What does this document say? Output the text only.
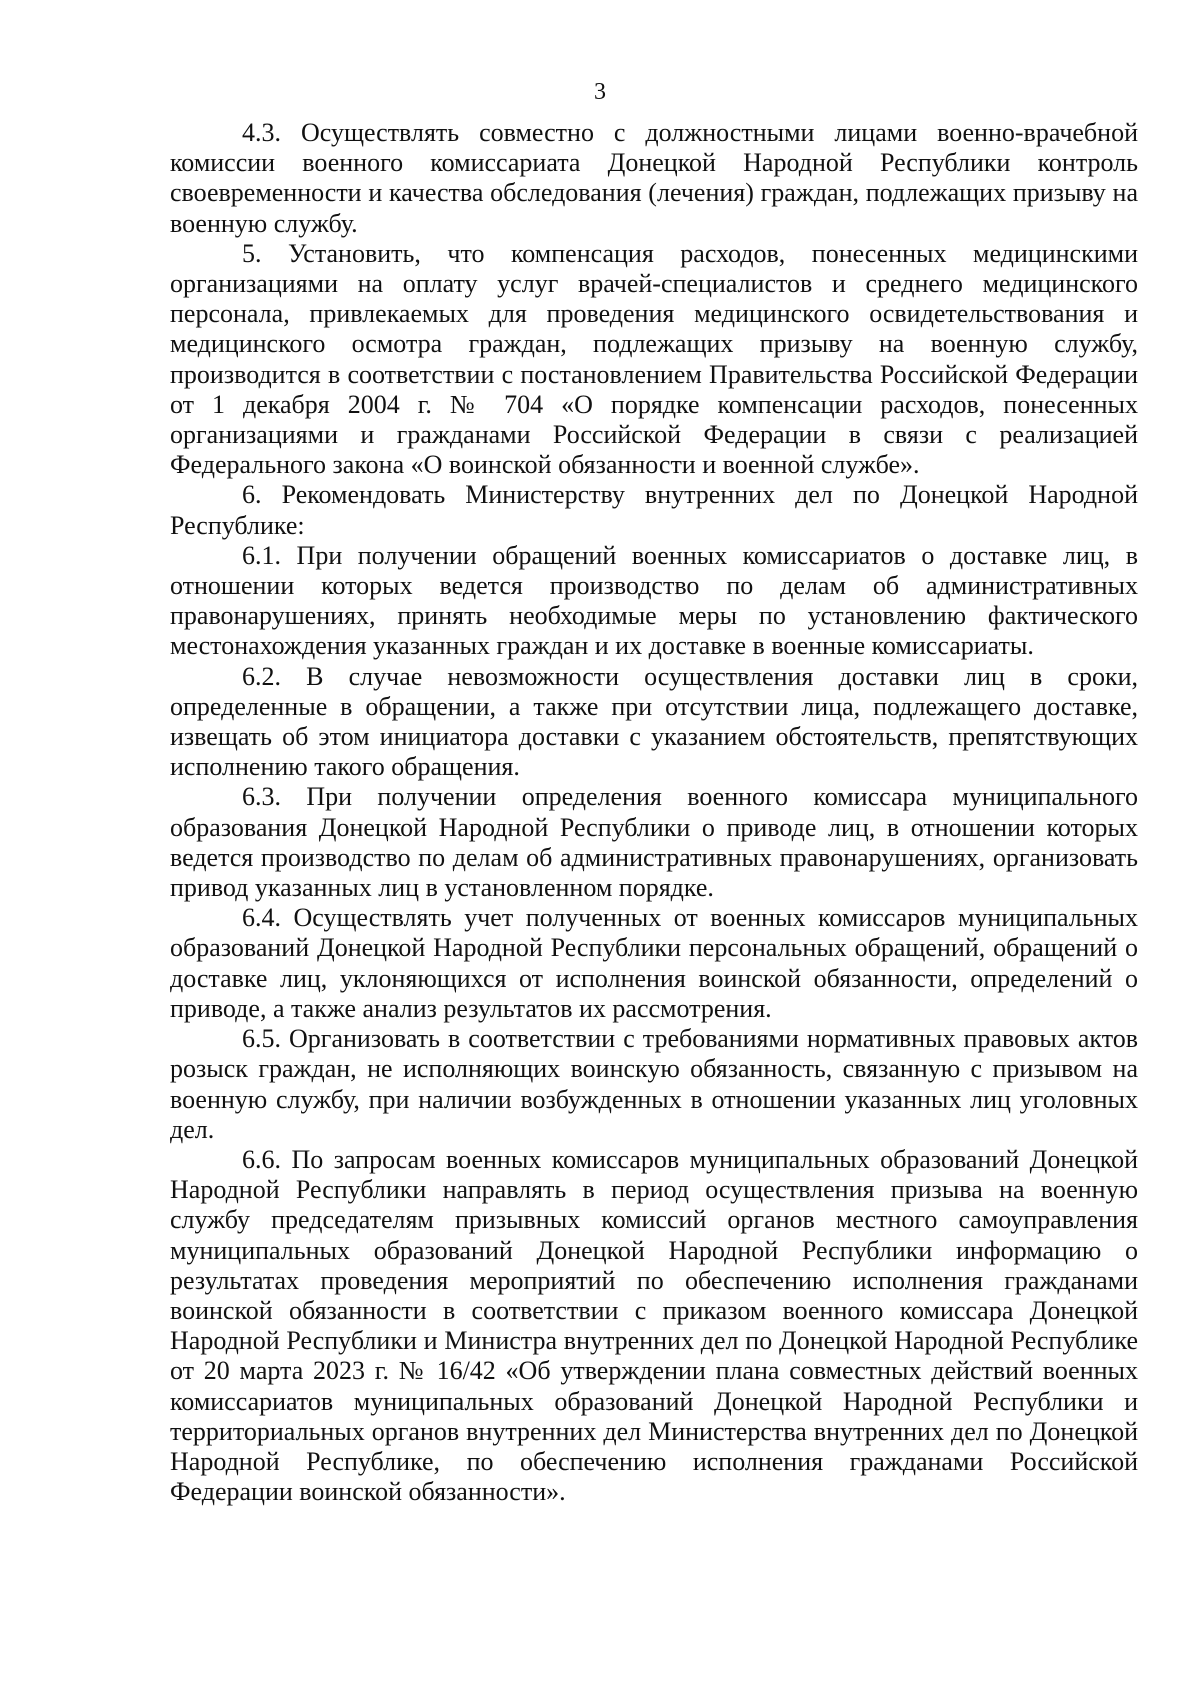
3

4.3. Осуществлять совместно с должностными лицами военно-врачебной комиссии военного комиссариата Донецкой Народной Республики контроль своевременности и качества обследования (лечения) граждан, подлежащих призыву на военную службу.

5. Установить, что компенсация расходов, понесенных медицинскими организациями на оплату услуг врачей-специалистов и среднего медицинского персонала, привлекаемых для проведения медицинского освидетельствования и медицинского осмотра граждан, подлежащих призыву на военную службу, производится в соответствии с постановлением Правительства Российской Федерации от 1 декабря 2004 г. № 704 «О порядке компенсации расходов, понесенных организациями и гражданами Российской Федерации в связи с реализацией Федерального закона «О воинской обязанности и военной службе».

6. Рекомендовать Министерству внутренних дел по Донецкой Народной Республике:

6.1. При получении обращений военных комиссариатов о доставке лиц, в отношении которых ведется производство по делам об административных правонарушениях, принять необходимые меры по установлению фактического местонахождения указанных граждан и их доставке в военные комиссариаты.

6.2. В случае невозможности осуществления доставки лиц в сроки, определенные в обращении, а также при отсутствии лица, подлежащего доставке, извещать об этом инициатора доставки с указанием обстоятельств, препятствующих исполнению такого обращения.

6.3. При получении определения военного комиссара муниципального образования Донецкой Народной Республики о приводе лиц, в отношении которых ведется производство по делам об административных правонарушениях, организовать привод указанных лиц в установленном порядке.

6.4. Осуществлять учет полученных от военных комиссаров муниципальных образований Донецкой Народной Республики персональных обращений, обращений о доставке лиц, уклоняющихся от исполнения воинской обязанности, определений о приводе, а также анализ результатов их рассмотрения.

6.5. Организовать в соответствии с требованиями нормативных правовых актов розыск граждан, не исполняющих воинскую обязанность, связанную с призывом на военную службу, при наличии возбужденных в отношении указанных лиц уголовных дел.

6.6. По запросам военных комиссаров муниципальных образований Донецкой Народной Республики направлять в период осуществления призыва на военную службу председателям призывных комиссий органов местного самоуправления муниципальных образований Донецкой Народной Республики информацию о результатах проведения мероприятий по обеспечению исполнения гражданами воинской обязанности в соответствии с приказом военного комиссара Донецкой Народной Республики и Министра внутренних дел по Донецкой Народной Республике от 20 марта 2023 г. № 16/42 «Об утверждении плана совместных действий военных комиссариатов муниципальных образований Донецкой Народной Республики и территориальных органов внутренних дел Министерства внутренних дел по Донецкой Народной Республике, по обеспечению исполнения гражданами Российской Федерации воинской обязанности».
